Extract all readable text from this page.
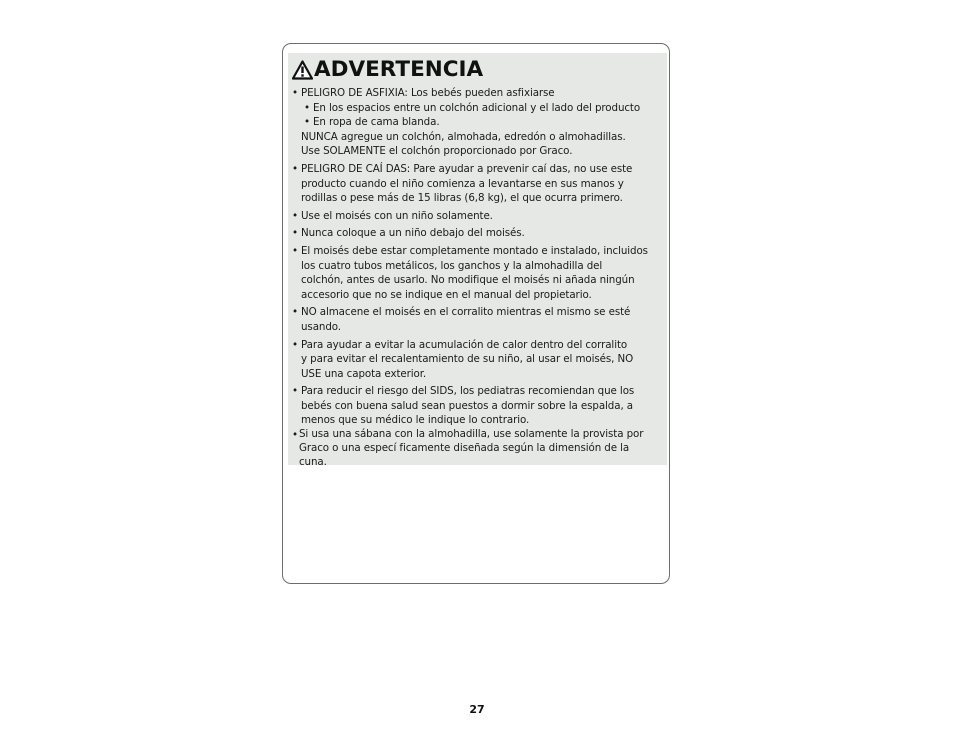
ADVERTENCIA
• PELIGRO DE ASFIXIA: Los bebés pueden asfixiarse
• En los espacios entre un colchón adicional y el lado del producto
• En ropa de cama blanda.
NUNCA agregue un colchón, almohada, edredón o almohadillas.
Use SOLAMENTE el colchón proporcionado por Graco.
• PELIGRO DE CAÍ DAS: Pare ayudar a prevenir caí das, no use este
producto cuando el niño comienza a levantarse en sus manos y
rodillas o pese más de 15 libras (6,8 kg), el que ocurra primero.
• Use el moisés con un niño solamente.
• Nunca coloque a un niño debajo del moisés.
• El moisés debe estar completamente montado e instalado, incluidos
los cuatro tubos metálicos, los ganchos y la almohadilla del
colchón, antes de usarlo. No modifique el moisés ni añada ningún
accesorio que no se indique en el manual del propietario.
• NO almacene el moisés en el corralito mientras el mismo se esté
usando.
• Para ayudar a evitar la acumulación de calor dentro del corralito
y para evitar el recalentamiento de su niño, al usar el moisés, NO
USE una capota exterior.
• Para reducir el riesgo del SIDS, los pediatras recomiendan que los
bebés con buena salud sean puestos a dormir sobre la espalda, a
menos que su médico le indique lo contrario.
• Si usa una sábana con la almohadilla, use solamente la provista por
Graco o una especí ficamente diseñada según la dimensión de la
cuna.
27
